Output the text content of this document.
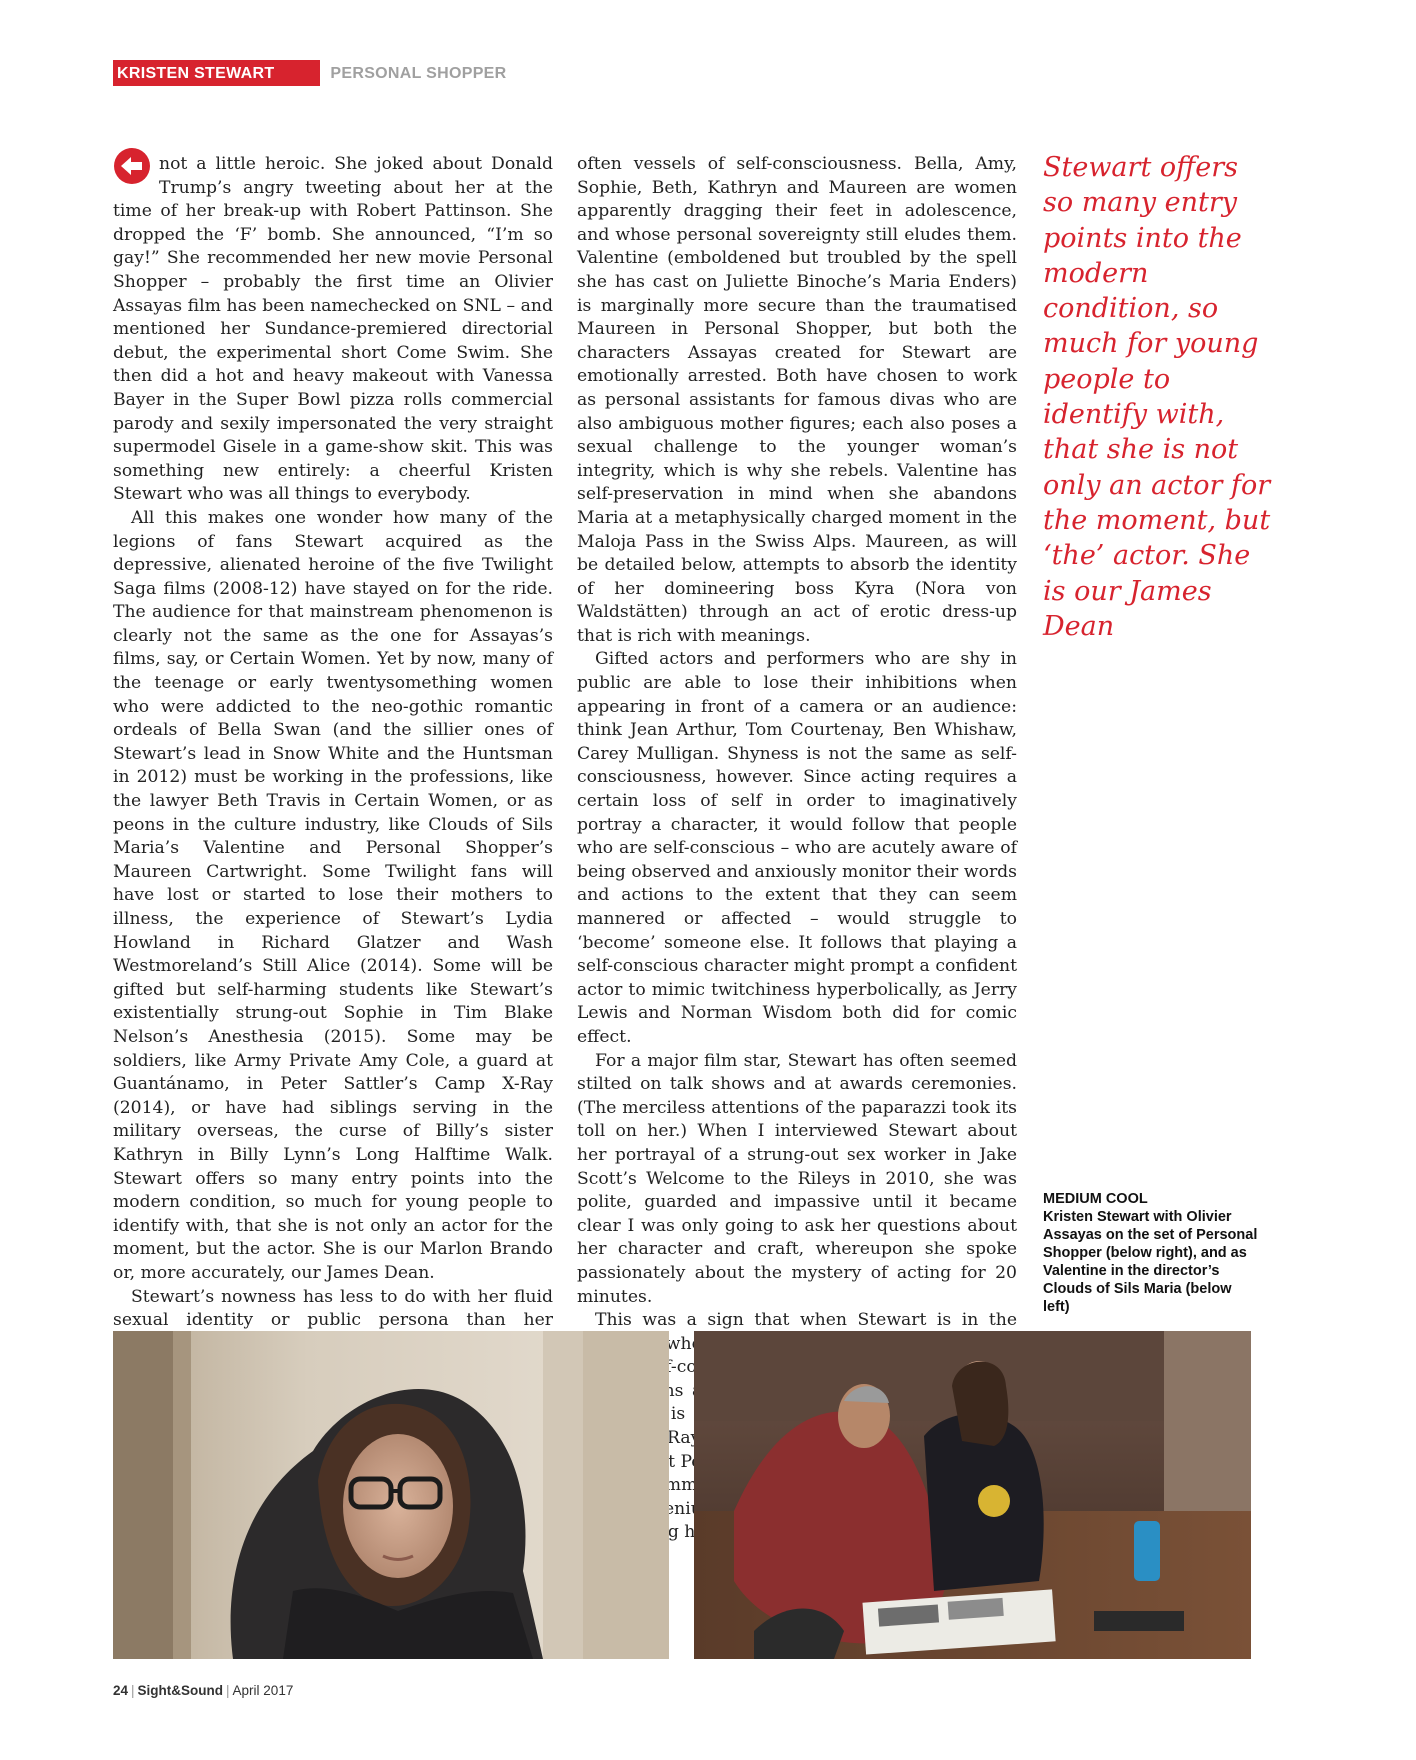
KRISTEN STEWART	PERSONAL SHOPPER

not a little heroic. She joked about Donald Trump’s angry tweeting about her at the time of her break-up with Robert Pattinson. She dropped the ‘F’ bomb. She announced, “I’m so gay!” She recommended her new movie Personal Shopper – probably the first time an Olivier Assayas film has been namechecked on SNL – and mentioned her Sundance-premiered directorial debut, the experimental short Come Swim. She then did a hot and heavy makeout with Vanessa Bayer in the Super Bowl pizza rolls commercial parody and sexily impersonated the very straight supermodel Gisele in a game-show skit. This was something new entirely: a cheerful Kristen Stewart who was all things to everybody.

All this makes one wonder how many of the legions of fans Stewart acquired as the depressive, alienated heroine of the five Twilight Saga films (2008-12) have stayed on for the ride. The audience for that mainstream phenomenon is clearly not the same as the one for Assayas’s films, say, or Certain Women. Yet by now, many of the teenage or early twentysomething women who were addicted to the neo-gothic romantic ordeals of Bella Swan (and the sillier ones of Stewart’s lead in Snow White and the Huntsman in 2012) must be working in the professions, like the lawyer Beth Travis in Certain Women, or as peons in the culture industry, like Clouds of Sils Maria’s Valentine and Personal Shopper’s Maureen Cartwright. Some Twilight fans will have lost or started to lose their mothers to illness, the experience of Stewart’s Lydia Howland in Richard Glatzer and Wash Westmoreland’s Still Alice (2014). Some will be gifted but self-harming students like Stewart’s existentially strung-out Sophie in Tim Blake Nelson’s Anesthesia (2015). Some may be soldiers, like Army Private Amy Cole, a guard at Guantánamo, in Peter Sattler’s Camp X-Ray (2014), or have had siblings serving in the military overseas, the curse of Billy’s sister Kathryn in Billy Lynn’s Long Halftime Walk. Stewart offers so many entry points into the modern condition, so much for young people to identify with, that she is not only an actor for the moment, but the actor. She is our Marlon Brando or, more accurately, our James Dean.

Stewart’s nowness has less to do with her fluid sexual identity or public persona than her

often vessels of self-consciousness. Bella, Amy, Sophie, Beth, Kathryn and Maureen are women apparently dragging their feet in adolescence, and whose personal sovereignty still eludes them. Valentine (emboldened but troubled by the spell she has cast on Juliette Binoche’s Maria Enders) is marginally more secure than the traumatised Maureen in Personal Shopper, but both the characters Assayas created for Stewart are emotionally arrested. Both have chosen to work as personal assistants for famous divas who are also ambiguous mother figures; each also poses a sexual challenge to the younger woman’s integrity, which is why she rebels. Valentine has self-preservation in mind when she abandons Maria at a metaphysically charged moment in the Maloja Pass in the Swiss Alps. Maureen, as will be detailed below, attempts to absorb the identity of her domineering boss Kyra (Nora von Waldstätten) through an act of erotic dress-up that is rich with meanings.

Gifted actors and performers who are shy in public are able to lose their inhibitions when appearing in front of a camera or an audience: think Jean Arthur, Tom Courtenay, Ben Whishaw, Carey Mulligan. Shyness is not the same as self-consciousness, however. Since acting requires a certain loss of self in order to imaginatively portray a character, it would follow that people who are self-conscious – who are acutely aware of being observed and anxiously monitor their words and actions to the extent that they can seem mannered or affected – would struggle to ‘become’ someone else. It follows that playing a self-conscious character might prompt a confident actor to mimic twitchiness hyperbolically, as Jerry Lewis and Norman Wisdom both did for comic effect.

For a major film star, Stewart has often seemed stilted on talk shows and at awards ceremonies. (The merciless attentions of the paparazzi took its toll on her.) When I interviewed Stewart about her portrayal of a strung-out sex worker in Jake Scott’s Welcome to the Rileys in 2010, she was polite, guarded and impassive until it became clear I was only going to ask her questions about her character and craft, whereupon she spoke passionately about the mystery of acting for 20 minutes.

This was a sign that when Stewart is in the when is X-Ray;

consummate genius,

Stewart offers so many entry points into the modern condition, so much for young people to identify with, that she is not only an actor for the moment, but ‘the’ actor. She is our James Dean
MEDIUM COOL
Kristen Stewart with Olivier Assayas on the set of Personal Shopper (below right), and as Valentine in the director’s Clouds of Sils Maria (below left)
24 | Sight&Sound | April 2017
